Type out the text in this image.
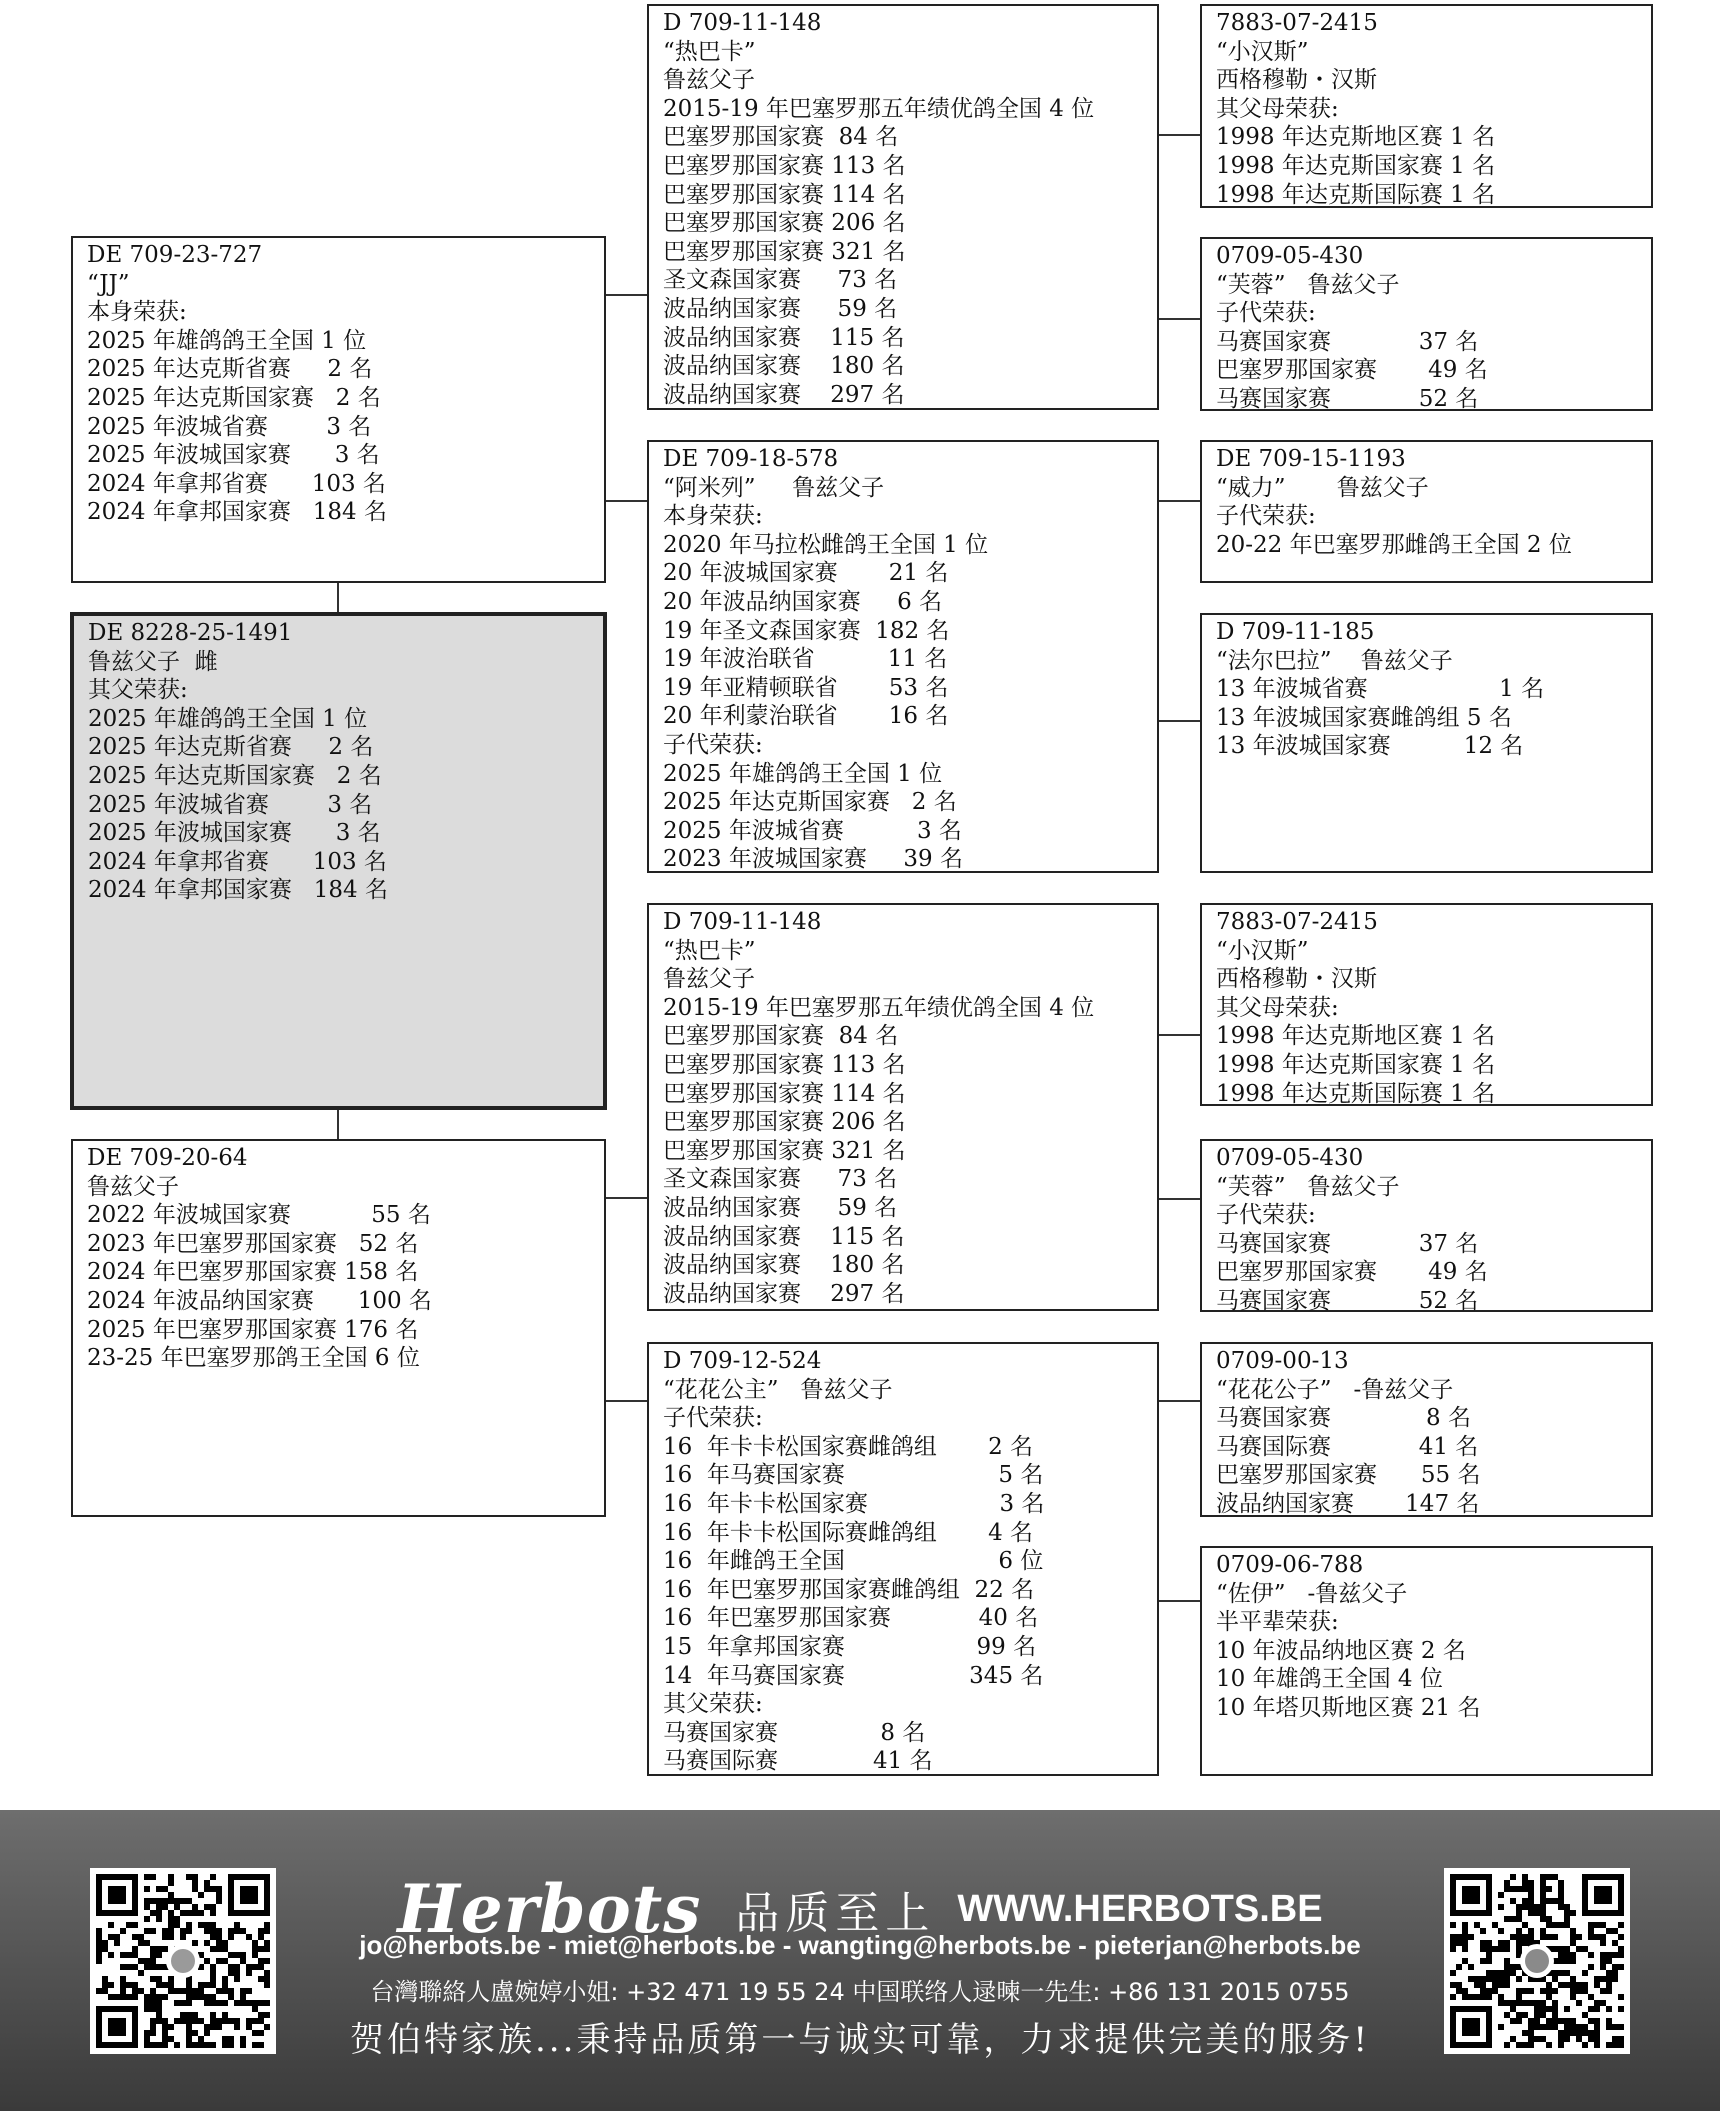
D 709-11-148
“热巴卡”
鲁兹父子
2015-19 年巴塞罗那五年绩优鸽全国 4 位
巴塞罗那国家赛  84 名
巴塞罗那国家赛 113 名
巴塞罗那国家赛 114 名
巴塞罗那国家赛 206 名
巴塞罗那国家赛 321 名
圣文森国家赛     73 名
波品纳国家赛     59 名
波品纳国家赛    115 名
波品纳国家赛    180 名
波品纳国家赛    297 名
7883-07-2415
“小汉斯”
西格穆勒・汉斯
其父母荣获:
1998 年达克斯地区赛 1 名
1998 年达克斯国家赛 1 名
1998 年达克斯国际赛 1 名
0709-05-430
“芙蓉”   鲁兹父子
子代荣获:
马赛国家赛            37 名
巴塞罗那国家赛       49 名
马赛国家赛            52 名
DE 709-23-727
“JJ”
本身荣获:
2025 年雄鸽鸽王全国 1 位
2025 年达克斯省赛     2 名
2025 年达克斯国家赛   2 名
2025 年波城省赛        3 名
2025 年波城国家赛      3 名
2024 年拿邦省赛      103 名
2024 年拿邦国家赛   184 名
DE 709-18-578
“阿米列”     鲁兹父子
本身荣获:
2020 年马拉松雌鸽王全国 1 位
20 年波城国家赛       21 名
20 年波品纳国家赛     6 名
19 年圣文森国家赛  182 名
19 年波治联省          11 名
19 年亚精顿联省       53 名
20 年利蒙治联省       16 名
子代荣获:
2025 年雄鸽鸽王全国 1 位
2025 年达克斯国家赛   2 名
2025 年波城省赛          3 名
2023 年波城国家赛     39 名
DE 709-15-1193
“威力”       鲁兹父子
子代荣获:
20-22 年巴塞罗那雌鸽王全国 2 位
D 709-11-185
“法尔巴拉”    鲁兹父子
13 年波城省赛                  1 名
13 年波城国家赛雌鸽组 5 名
13 年波城国家赛          12 名
DE 8228-25-1491
鲁兹父子  雌
其父荣获:
2025 年雄鸽鸽王全国 1 位
2025 年达克斯省赛     2 名
2025 年达克斯国家赛   2 名
2025 年波城省赛        3 名
2025 年波城国家赛      3 名
2024 年拿邦省赛      103 名
2024 年拿邦国家赛   184 名
D 709-11-148
“热巴卡”
鲁兹父子
2015-19 年巴塞罗那五年绩优鸽全国 4 位
巴塞罗那国家赛  84 名
巴塞罗那国家赛 113 名
巴塞罗那国家赛 114 名
巴塞罗那国家赛 206 名
巴塞罗那国家赛 321 名
圣文森国家赛     73 名
波品纳国家赛     59 名
波品纳国家赛    115 名
波品纳国家赛    180 名
波品纳国家赛    297 名
7883-07-2415
“小汉斯”
西格穆勒・汉斯
其父母荣获:
1998 年达克斯地区赛 1 名
1998 年达克斯国家赛 1 名
1998 年达克斯国际赛 1 名
DE 709-20-64
鲁兹父子
2022 年波城国家赛           55 名
2023 年巴塞罗那国家赛   52 名
2024 年巴塞罗那国家赛 158 名
2024 年波品纳国家赛      100 名
2025 年巴塞罗那国家赛 176 名
23-25 年巴塞罗那鸽王全国 6 位
0709-05-430
“芙蓉”   鲁兹父子
子代荣获:
马赛国家赛            37 名
巴塞罗那国家赛       49 名
马赛国家赛            52 名
D 709-12-524
“花花公主”   鲁兹父子
子代荣获:
16  年卡卡松国家赛雌鸽组       2 名
16  年马赛国家赛                     5 名
16  年卡卡松国家赛                  3 名
16  年卡卡松国际赛雌鸽组       4 名
16  年雌鸽王全国                     6 位
16  年巴塞罗那国家赛雌鸽组  22 名
16  年巴塞罗那国家赛            40 名
15  年拿邦国家赛                  99 名
14  年马赛国家赛                 345 名
其父荣获:
马赛国家赛              8 名
马赛国际赛             41 名
0709-00-13
“花花公子”   -鲁兹父子
马赛国家赛             8 名
马赛国际赛            41 名
巴塞罗那国家赛      55 名
波品纳国家赛       147 名
0709-06-788
“佐伊”   -鲁兹父子
半平辈荣获:
10 年波品纳地区赛 2 名
10 年雄鸽王全国 4 位
10 年塔贝斯地区赛 21 名
Herbots 品质至上 WWW.HERBOTS.BE
jo@herbots.be - miet@herbots.be - wangting@herbots.be - pieterjan@herbots.be
台灣聯絡人盧婉婷小姐: +32 471 19 55 24 中国联络人逯暕一先生: +86 131 2015 0755
贺伯特家族...秉持品质第一与诚实可靠，力求提供完美的服务!
